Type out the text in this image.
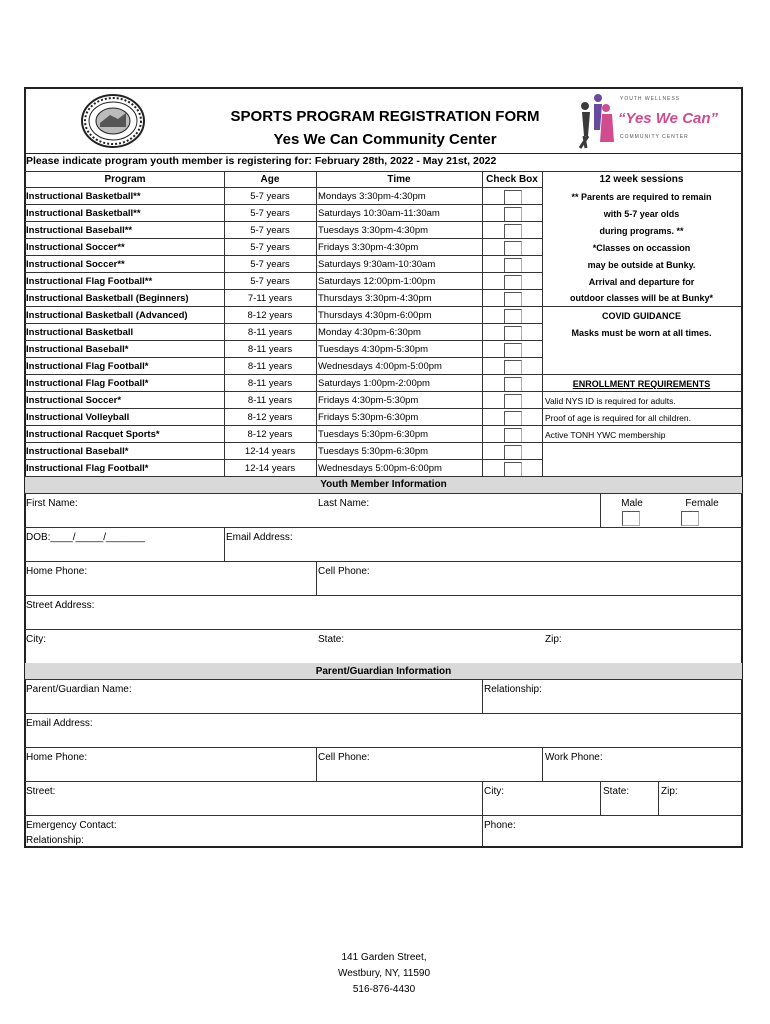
SPORTS PROGRAM REGISTRATION FORM
Yes We Can Community Center
YOUTH WELLNESS
“Yes We Can”
COMMUNITY CENTER
Please indicate program youth member is registering for: February 28th, 2022 - May 21st, 2022
Program	Age	Time	Check Box	12 week sessions
Instructional Basketball**	5-7 years	Mondays 3:30pm-4:30pm
Instructional Basketball**	5-7 years	Saturdays 10:30am-11:30am
Instructional Baseball**	5-7 years	Tuesdays 3:30pm-4:30pm
Instructional Soccer**	5-7 years	Fridays 3:30pm-4:30pm
Instructional Soccer**	5-7 years	Saturdays 9:30am-10:30am
Instructional Flag Football**	5-7 years	Saturdays 12:00pm-1:00pm
Instructional Basketball (Beginners)	7-11 years	Thursdays 3:30pm-4:30pm
Instructional Basketball (Advanced)	8-12 years	Thursdays 4:30pm-6:00pm
Instructional Basketball	8-11 years	Monday 4:30pm-6:30pm
Instructional Baseball*	8-11 years	Tuesdays 4:30pm-5:30pm
Instructional Flag Football*	8-11 years	Wednesdays 4:00pm-5:00pm
Instructional Flag Football*	8-11 years	Saturdays 1:00pm-2:00pm
Instructional Soccer*	8-11 years	Fridays 4:30pm-5:30pm
Instructional Volleyball	8-12 years	Fridays 5:30pm-6:30pm
Instructional Racquet Sports*	8-12 years	Tuesdays 5:30pm-6:30pm
Instructional Baseball*	12-14 years	Tuesdays 5:30pm-6:30pm
Instructional Flag Football*	12-14 years	Wednesdays 5:00pm-6:00pm
** Parents are required to remain
with 5-7 year olds
during programs. **
*Classes on occassion
may be outside at Bunky.
Arrival and departure for
outdoor classes will be at Bunky*
COVID GUIDANCE
Masks must be worn at all times.
ENROLLMENT REQUIREMENTS
Valid NYS ID is required for adults.
Proof of age is required for all children.
Active TONH YWC membership
Youth Member Information
First Name:	Last Name:	Male	Female
DOB:____/_____/_______	Email Address:
Home Phone:	Cell Phone:
Street Address:
City:	State:	Zip:
Parent/Guardian Information
Parent/Guardian Name:	Relationship:
Email Address:
Home Phone:	Cell Phone:	Work Phone:
Street:	City:	State:	Zip:
Emergency Contact:
Relationship:
Phone:
141 Garden Street,
Westbury, NY, 11590
516-876-4430
